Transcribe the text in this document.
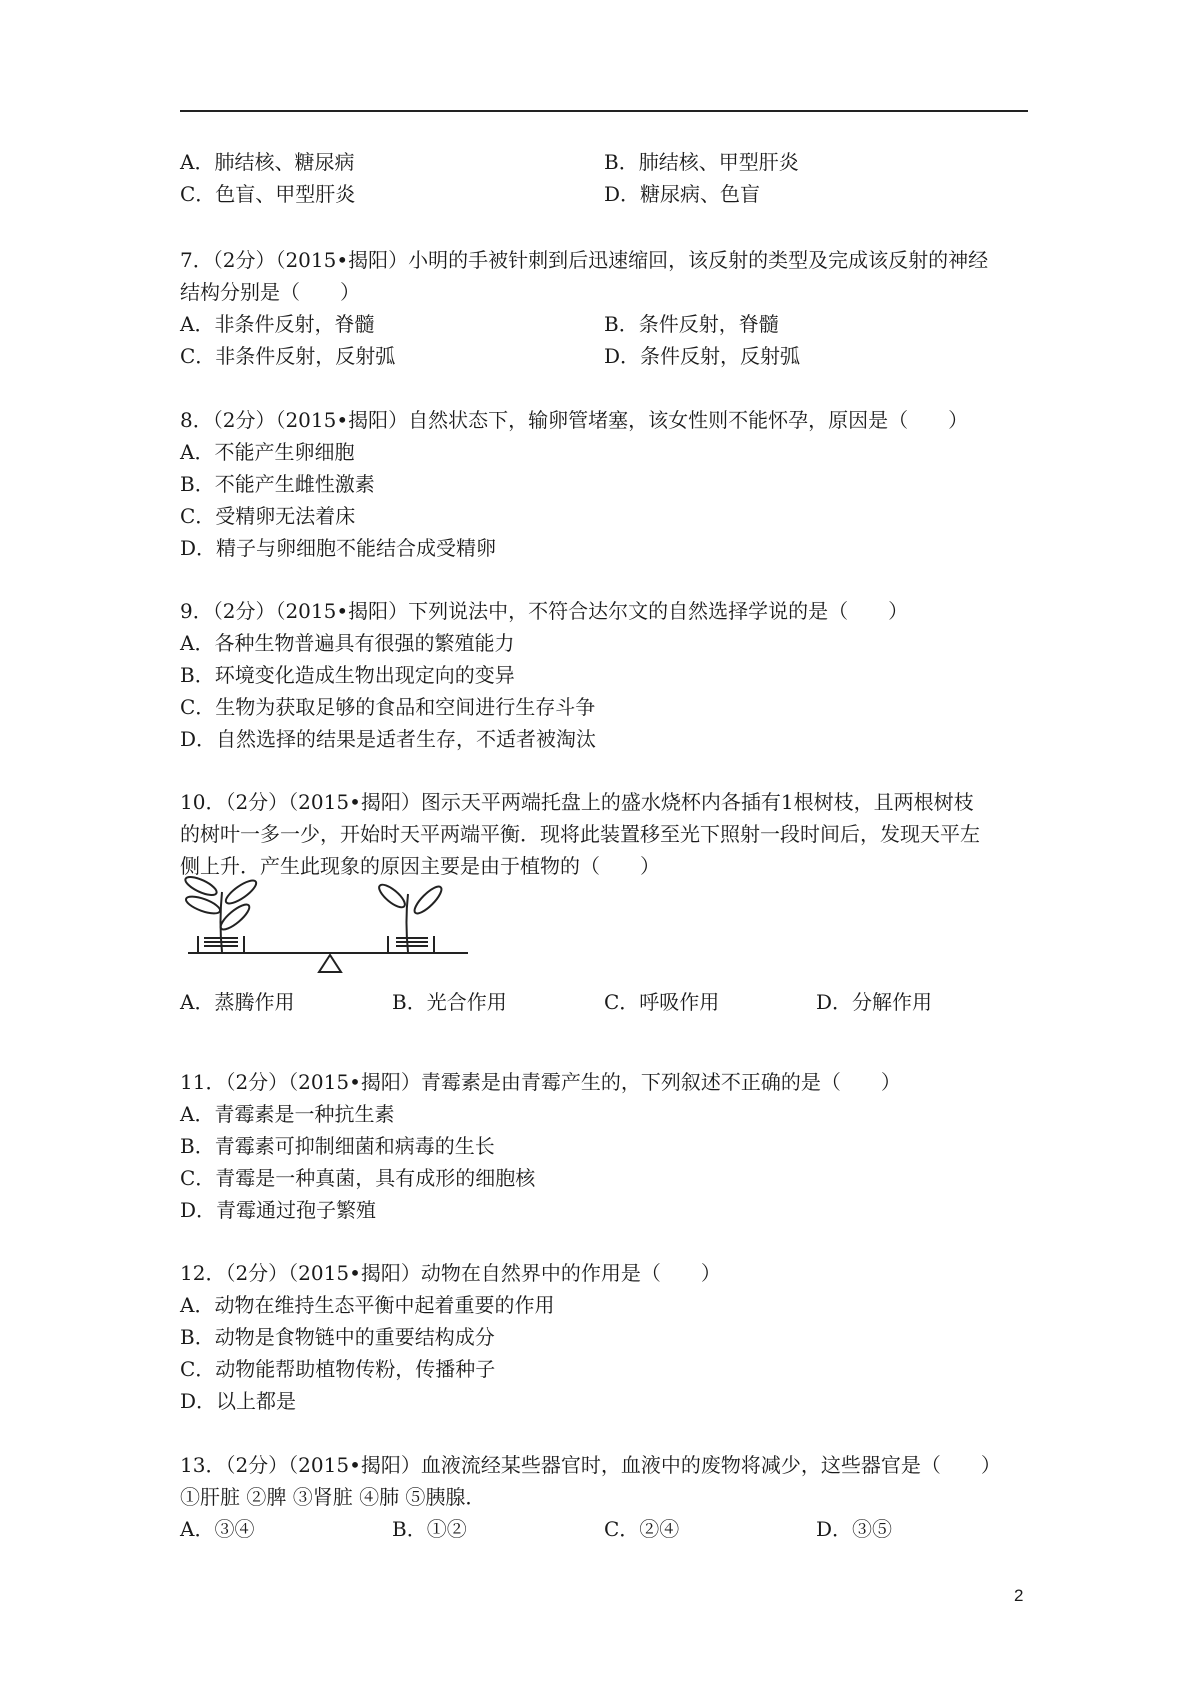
A．肺结核、糖尿病	B．肺结核、甲型肝炎
C．色盲、甲型肝炎	D．糖尿病、色盲
7．（2分）（2015•揭阳）小明的手被针刺到后迅速缩回，该反射的类型及完成该反射的神经
结构分别是（　　）
A．非条件反射，脊髓	B．条件反射，脊髓
C．非条件反射，反射弧	D．条件反射，反射弧
8．（2分）（2015•揭阳）自然状态下，输卵管堵塞，该女性则不能怀孕，原因是（　　）
A．不能产生卵细胞
B．不能产生雌性激素
C．受精卵无法着床
D．精子与卵细胞不能结合成受精卵
9．（2分）（2015•揭阳）下列说法中，不符合达尔文的自然选择学说的是（　　）
A．各种生物普遍具有很强的繁殖能力
B．环境变化造成生物出现定向的变异
C．生物为获取足够的食品和空间进行生存斗争
D．自然选择的结果是适者生存，不适者被淘汰
10．（2分）（2015•揭阳）图示天平两端托盘上的盛水烧杯内各插有1根树枝，且两根树枝
的树叶一多一少，开始时天平两端平衡．现将此装置移至光下照射一段时间后，发现天平左
侧上升．产生此现象的原因主要是由于植物的（　　）
A．蒸腾作用	B．光合作用	C．呼吸作用	D．分解作用
11．（2分）（2015•揭阳）青霉素是由青霉产生的，下列叙述不正确的是（　　）
A．青霉素是一种抗生素
B．青霉素可抑制细菌和病毒的生长
C．青霉是一种真菌，具有成形的细胞核
D．青霉通过孢子繁殖
12．（2分）（2015•揭阳）动物在自然界中的作用是（　　）
A．动物在维持生态平衡中起着重要的作用
B．动物是食物链中的重要结构成分
C．动物能帮助植物传粉，传播种子
D．以上都是
13．（2分）（2015•揭阳）血液流经某些器官时，血液中的废物将减少，这些器官是（　　）
①肝脏 ②脾 ③肾脏 ④肺 ⑤胰腺．
A．③④	B．①②	C．②④	D．③⑤
2
